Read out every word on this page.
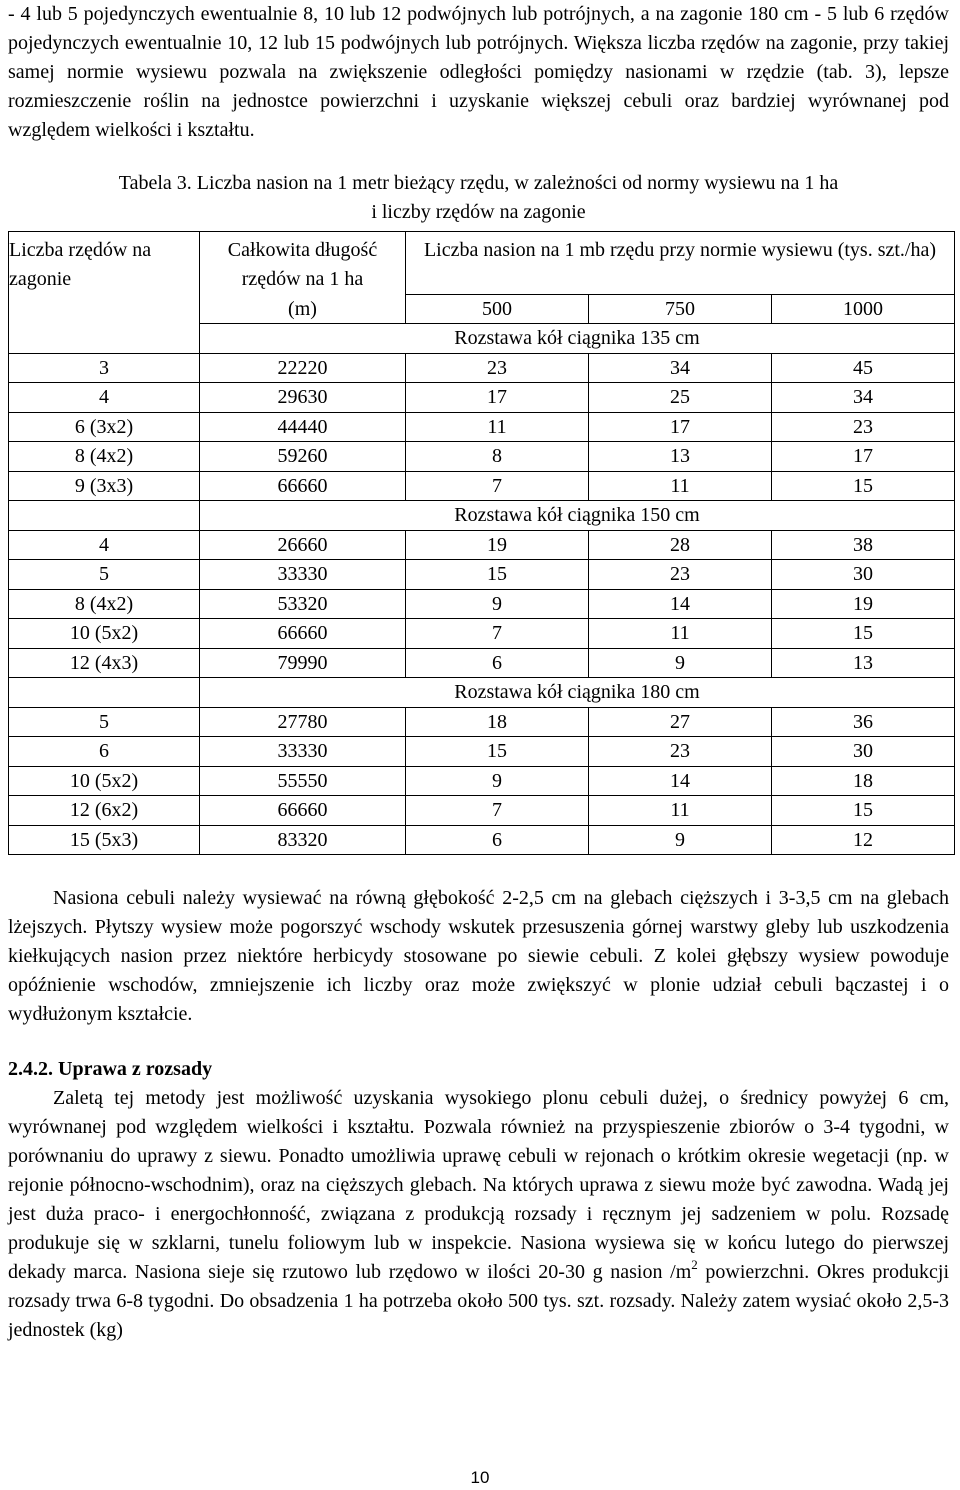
- 4 lub 5 pojedynczych ewentualnie 8, 10 lub 12 podwójnych lub potrójnych, a na zagonie 180 cm - 5 lub 6 rzędów pojedynczych ewentualnie 10, 12 lub 15 podwójnych lub potrójnych. Większa liczba rzędów na zagonie, przy takiej samej normie wysiewu pozwala na zwiększenie odległości pomiędzy nasionami w rzędzie (tab. 3), lepsze rozmieszczenie roślin na jednostce powierzchni i uzyskanie większej cebuli oraz bardziej wyrównanej pod względem wielkości i kształtu.

Tabela 3. Liczba nasion na 1 metr bieżący rzędu, w zależności od normy wysiewu na 1 ha
i liczby rzędów na zagonie
Liczba rzędów na zagonie	Całkowita długość rzędów na 1 ha	Liczba nasion na 1 mb rzędu przy normie wysiewu (tys. szt./ha)		
	(m)	500	750	1000
	Rozstawa kół ciągnika 135 cm			
3	22220	23	34	45
4	29630	17	25	34
6 (3x2)	44440	11	17	23
8 (4x2)	59260	8	13	17
9 (3x3)	66660	7	11	15
	Rozstawa kół ciągnika 150 cm			
4	26660	19	28	38
5	33330	15	23	30
8 (4x2)	53320	9	14	19
10 (5x2)	66660	7	11	15
12 (4x3)	79990	6	9	13
	Rozstawa kół ciągnika 180 cm			
5	27780	18	27	36
6	33330	15	23	30
10 (5x2)	55550	9	14	18
12 (6x2)	66660	7	11	15
15 (5x3)	83320	6	9	12

Nasiona cebuli należy wysiewać na równą głębokość 2-2,5 cm na glebach cięższych i 3-3,5 cm na glebach lżejszych. Płytszy wysiew może pogorszyć wschody wskutek przesuszenia górnej warstwy gleby lub uszkodzenia kiełkujących nasion przez niektóre herbicydy stosowane po siewie cebuli. Z kolei głębszy wysiew powoduje opóźnienie wschodów, zmniejszenie ich liczby oraz może zwiększyć w plonie udział cebuli bączastej i o wydłużonym kształcie.

2.4.2. Uprawa z rozsady

Zaletą tej metody jest możliwość uzyskania wysokiego plonu cebuli dużej, o średnicy powyżej 6 cm, wyrównanej pod względem wielkości i kształtu. Pozwala również na przyspieszenie zbiorów o 3-4 tygodni, w porównaniu do uprawy z siewu. Ponadto umożliwia uprawę cebuli w rejonach o krótkim okresie wegetacji (np. w rejonie północno-wschodnim), oraz na cięższych glebach. Na których uprawa z siewu może być zawodna. Wadą jej jest duża praco- i energochłonność, związana z produkcją rozsady i ręcznym jej sadzeniem w polu. Rozsadę produkuje się w szklarni, tunelu foliowym lub w inspekcie. Nasiona wysiewa się w końcu lutego do pierwszej dekady marca. Nasiona sieje się rzutowo lub rzędowo w ilości 20-30 g nasion $/m^2$ powierzchni. Okres produkcji rozsady trwa 6-8 tygodni. Do obsadzenia 1 ha potrzeba około 500 tys. szt. rozsady. Należy zatem wysiać około 2,5-3 jednostek (kg)

10
